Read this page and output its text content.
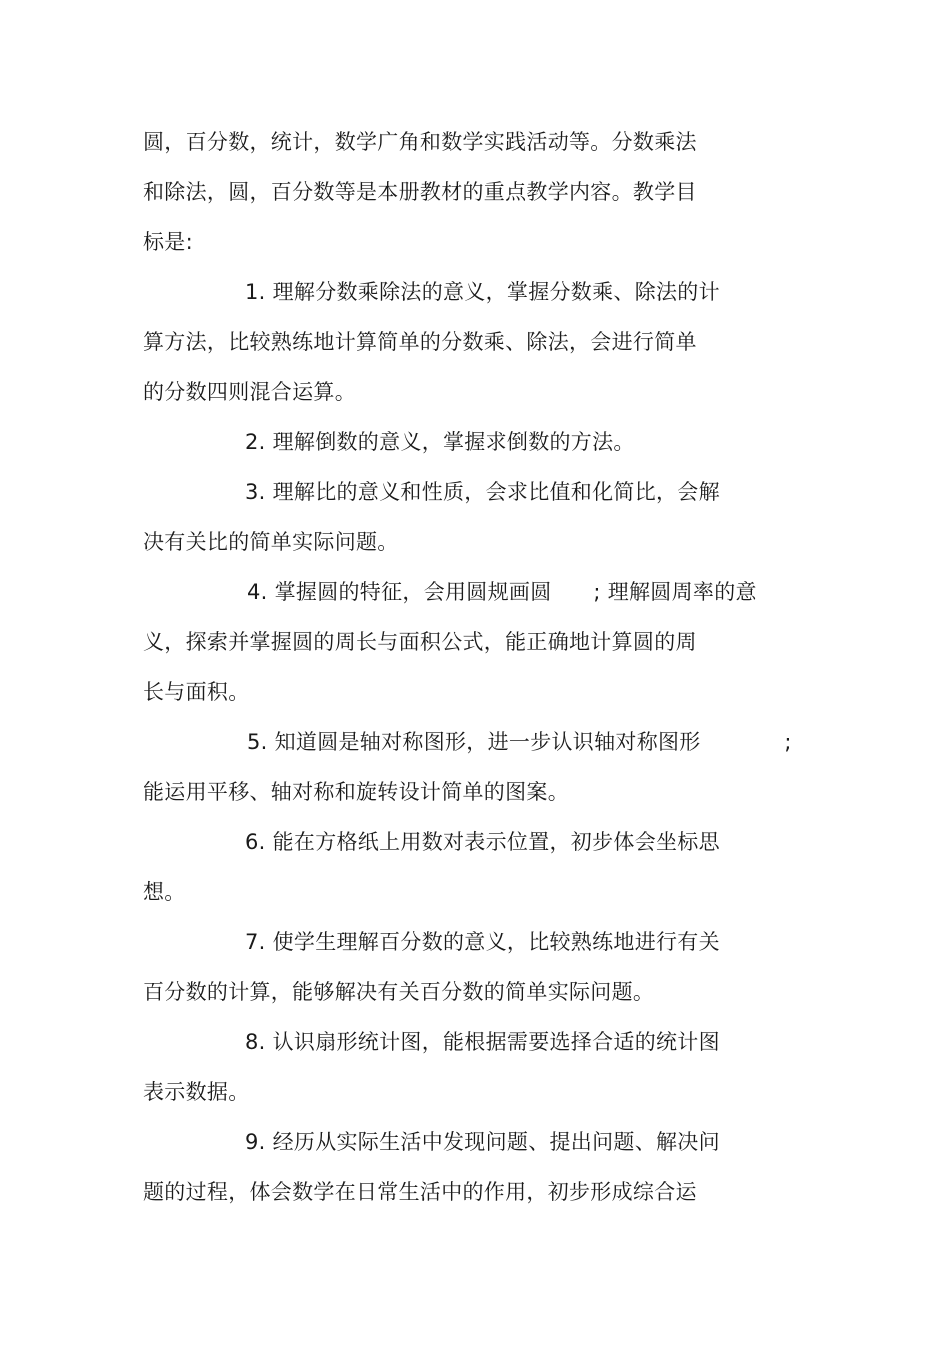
圆，百分数，统计，数学广角和数学实践活动等。分数乘法
和除法，圆，百分数等是本册教材的重点教学内容。教学目
标是:
1. 理解分数乘除法的意义，掌握分数乘、除法的计
算方法，比较熟练地计算简单的分数乘、除法，会进行简单
的分数四则混合运算。
2. 理解倒数的意义，掌握求倒数的方法。
3. 理解比的意义和性质，会求比值和化简比，会解
决有关比的简单实际问题。
4. 掌握圆的特征，会用圆规画圆      ; 理解圆周率的意
义，探索并掌握圆的周长与面积公式，能正确地计算圆的周
长与面积。
5. 知道圆是轴对称图形，进一步认识轴对称图形            ;
能运用平移、轴对称和旋转设计简单的图案。
6. 能在方格纸上用数对表示位置，初步体会坐标思
想。
7. 使学生理解百分数的意义，比较熟练地进行有关
百分数的计算，能够解决有关百分数的简单实际问题。
8. 认识扇形统计图，能根据需要选择合适的统计图
表示数据。
9. 经历从实际生活中发现问题、提出问题、解决问
题的过程，体会数学在日常生活中的作用，初步形成综合运
